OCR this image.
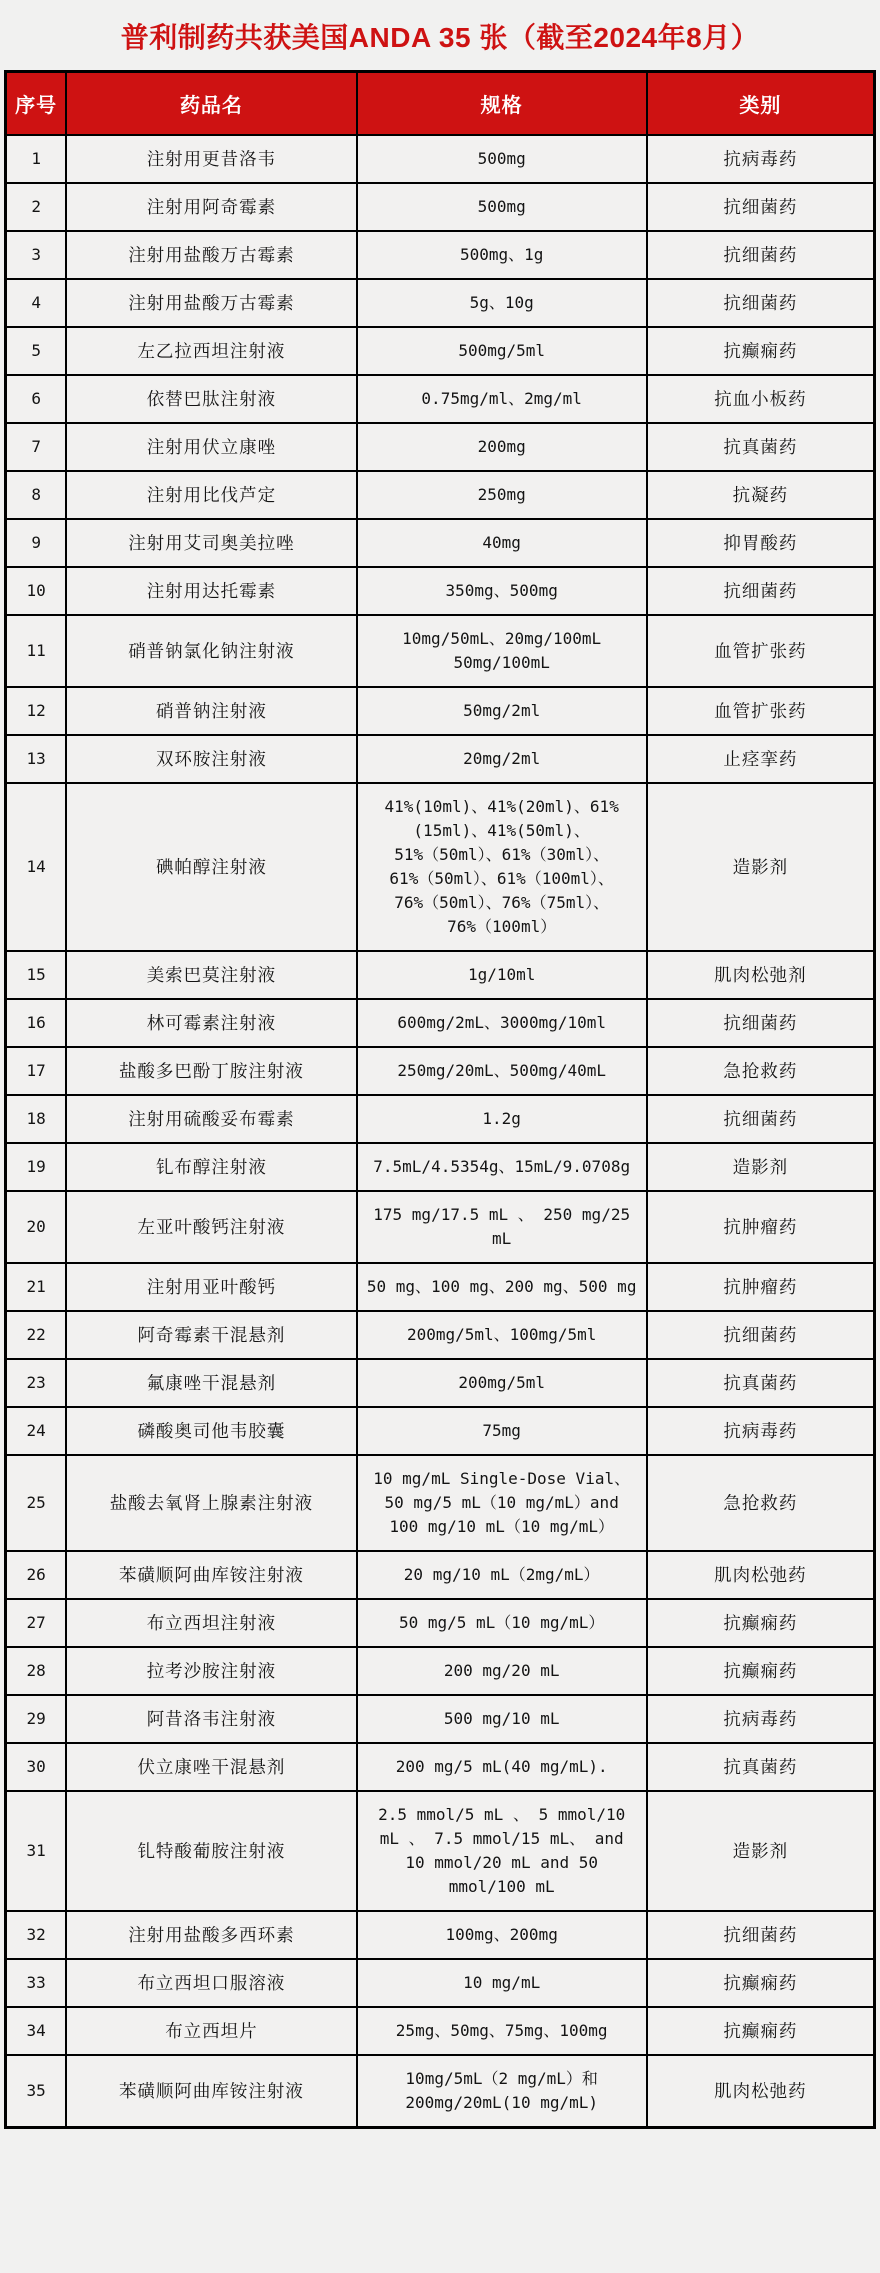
普利制药共获美国ANDA 35 张（截至2024年8月）
序号	药品名	规格	类别
1	注射用更昔洛韦	500mg	抗病毒药
2	注射用阿奇霉素	500mg	抗细菌药
3	注射用盐酸万古霉素	500mg、1g	抗细菌药
4	注射用盐酸万古霉素	5g、10g	抗细菌药
5	左乙拉西坦注射液	500mg/5ml	抗癫痫药
6	依替巴肽注射液	0.75mg/ml、2mg/ml	抗血小板药
7	注射用伏立康唑	200mg	抗真菌药
8	注射用比伐芦定	250mg	抗凝药
9	注射用艾司奥美拉唑	40mg	抑胃酸药
10	注射用达托霉素	350mg、500mg	抗细菌药
11	硝普钠氯化钠注射液	10mg/50mL、20mg/100mL 50mg/100mL	血管扩张药
12	硝普钠注射液	50mg/2ml	血管扩张药
13	双环胺注射液	20mg/2ml	止痉挛药
14	碘帕醇注射液	41%(10ml)、41%(20ml)、61%(15ml)、41%(50ml)、51%（50ml）、61%（30ml）、61%（50ml）、61%（100ml）、76%（50ml）、76%（75ml）、76%（100ml）	造影剂
15	美索巴莫注射液	1g/10ml	肌肉松弛剂
16	林可霉素注射液	600mg/2mL、3000mg/10ml	抗细菌药
17	盐酸多巴酚丁胺注射液	250mg/20mL、500mg/40mL	急抢救药
18	注射用硫酸妥布霉素	1.2g	抗细菌药
19	钆布醇注射液	7.5mL/4.5354g、15mL/9.0708g	造影剂
20	左亚叶酸钙注射液	175 mg/17.5 mL 、 250 mg/25 mL	抗肿瘤药
21	注射用亚叶酸钙	50 mg、100 mg、200 mg、500 mg	抗肿瘤药
22	阿奇霉素干混悬剂	200mg/5ml、100mg/5ml	抗细菌药
23	氟康唑干混悬剂	200mg/5ml	抗真菌药
24	磷酸奥司他韦胶囊	75mg	抗病毒药
25	盐酸去氧肾上腺素注射液	10 mg/mL Single-Dose Vial、 50 mg/5 mL（10 mg/mL）and 100 mg/10 mL（10 mg/mL）	急抢救药
26	苯磺顺阿曲库铵注射液	20 mg/10 mL（2mg/mL）	肌肉松弛药
27	布立西坦注射液	50 mg/5 mL（10 mg/mL）	抗癫痫药
28	拉考沙胺注射液	200 mg/20 mL	抗癫痫药
29	阿昔洛韦注射液	500 mg/10 mL	抗病毒药
30	伏立康唑干混悬剂	200 mg/5 mL(40 mg/mL).	抗真菌药
31	钆特酸葡胺注射液	2.5 mmol/5 mL 、 5 mmol/10 mL 、 7.5 mmol/15 mL、 and 10 mmol/20 mL and 50 mmol/100 mL	造影剂
32	注射用盐酸多西环素	100mg、200mg	抗细菌药
33	布立西坦口服溶液	10 mg/mL	抗癫痫药
34	布立西坦片	25mg、50mg、75mg、100mg	抗癫痫药
35	苯磺顺阿曲库铵注射液	10mg/5mL（2 mg/mL）和 200mg/20mL(10 mg/mL)	肌肉松弛药
